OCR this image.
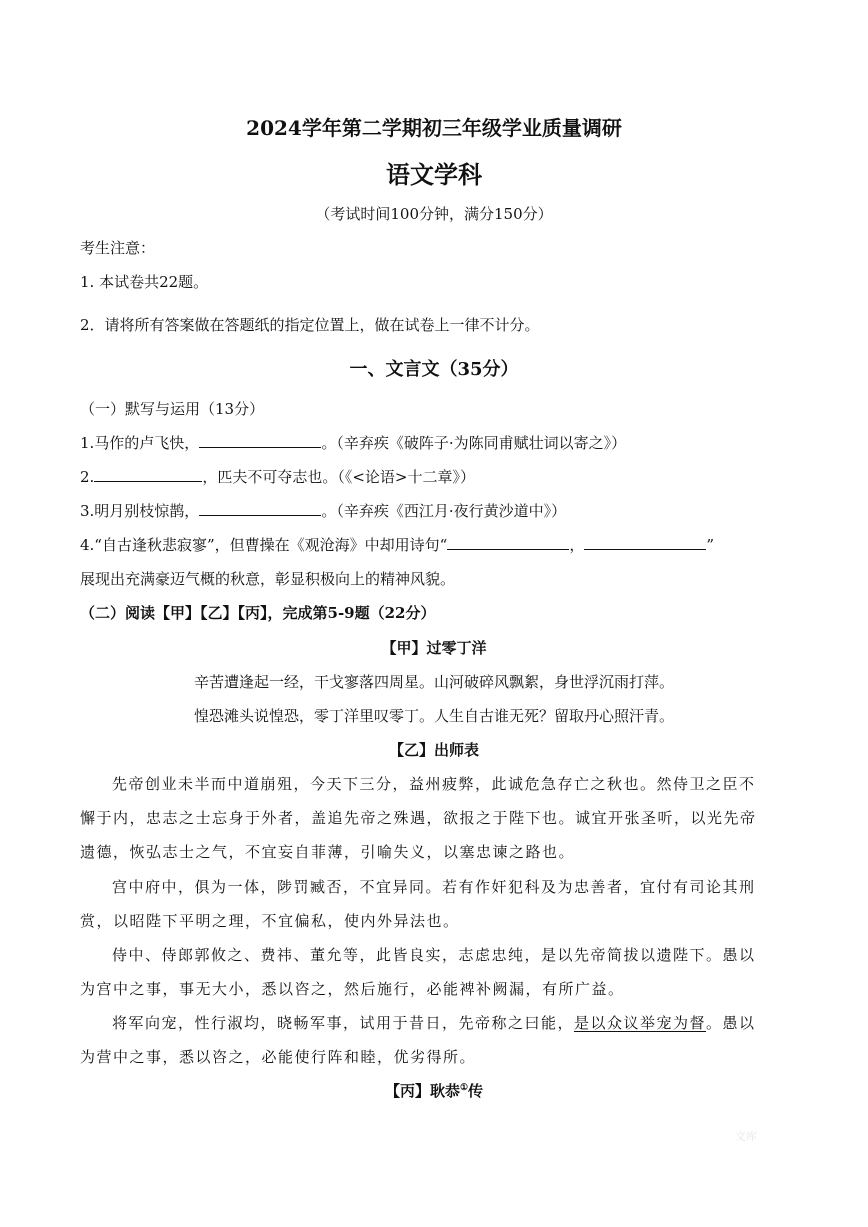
2024学年第二学期初三年级学业质量调研
语文学科
（考试时间100分钟，满分150分）
考生注意：
1. 本试卷共22题。
2．请将所有答案做在答题纸的指定位置上，做在试卷上一律不计分。
一、文言文（35分）
（一）默写与运用（13分）
1.马作的卢飞快，	。（辛弃疾《破阵子·为陈同甫赋壮词以寄之》）
2.	，匹夫不可夺志也。（《<论语>十二章》）
3.明月别枝惊鹊，	。（辛弃疾《西江月·夜行黄沙道中》）
4.“自古逢秋悲寂寥”，但曹操在《观沧海》中却用诗句“	，	”
展现出充满豪迈气概的秋意，彰显积极向上的精神风貌。
（二）阅读【甲】【乙】【丙】，完成第5-9题（22分）
【甲】过零丁洋
辛苦遭逢起一经，干戈寥落四周星。山河破碎风飘絮，身世浮沉雨打萍。
惶恐滩头说惶恐，零丁洋里叹零丁。人生自古谁无死？留取丹心照汗青。
【乙】出师表
先帝创业未半而中道崩殂，今天下三分，益州疲弊，此诚危急存亡之秋也。然侍卫之臣不
懈于内，忠志之士忘身于外者，盖追先帝之殊遇，欲报之于陛下也。诚宜开张圣听，以光先帝
遗德，恢弘志士之气，不宜妄自菲薄，引喻失义，以塞忠谏之路也。
宫中府中，俱为一体，陟罚臧否，不宜异同。若有作奸犯科及为忠善者，宜付有司论其刑
赏，以昭陛下平明之理，不宜偏私，使内外异法也。
侍中、侍郎郭攸之、费祎、董允等，此皆良实，志虑忠纯，是以先帝简拔以遗陛下。愚以
为宫中之事，事无大小，悉以咨之，然后施行，必能裨补阙漏，有所广益。
将军向宠，性行淑均，晓畅军事，试用于昔日，先帝称之曰能，是以众议举宠为督。愚以
为营中之事，悉以咨之，必能使行阵和睦，优劣得所。
【丙】耿恭①传
文库
